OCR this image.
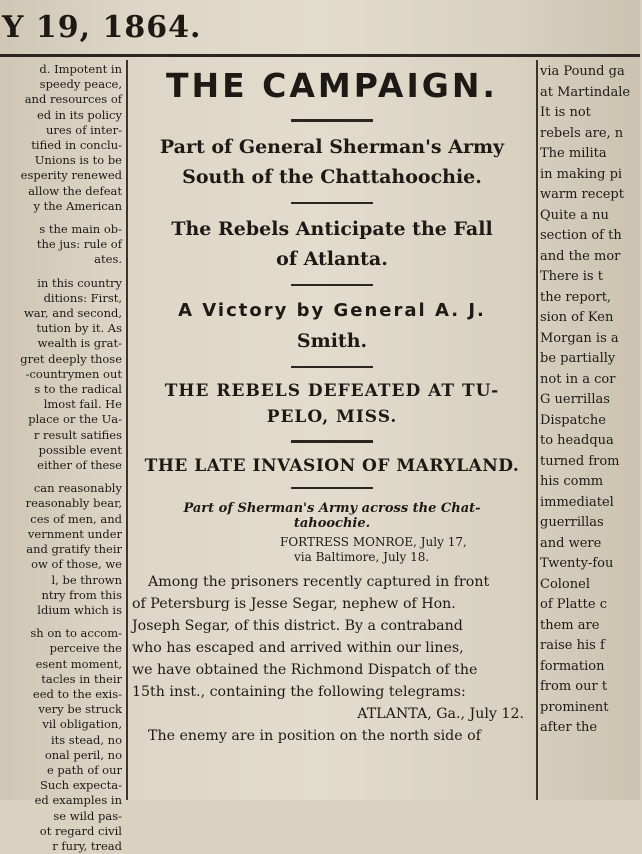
Y 19, 1864.
d. Impotent in
speedy peace,
and resources of
ed in its policy
ures of inter-
tified in conclu-
Unions is to be
esperity renewed
allow the defeat
y the American
s the main ob-
the jus: rule of
ates.
in this country
ditions: First,
war, and second,
tution by it. As
wealth is grat-
gret deeply those
-countrymen out
s to the radical
lmost fail. He
place or the Ua-
r result satifies
possible event
either of these
can reasonably
reasonably bear,
ces of men, and
vernment under
and gratify their
ow of those, we
l, be thrown
ntry from this
ldium which is
sh on to accom-
perceive the
esent moment,
tacles in their
eed to the exis-
very be struck
vil obligation,
its stead, no
onal peril, no
e path of our
Such expecta-
ed examples in
se wild pas-
ot regard civil
r fury, tread
THE CAMPAIGN.
Part of General Sherman's Army
South of the Chattahoochie.
The Rebels Anticipate the Fall
of Atlanta.
A Victory by General A. J.
Smith.
THE REBELS DEFEATED AT TU-
PELO, MISS.
THE LATE INVASION OF MARYLAND.
Part of Sherman's Army across the Chat-
tahoochie.
FORTRESS MONROE, July 17,
via Baltimore, July 18.
Among the prisoners recently captured in front
of Petersburg is Jesse Segar, nephew of Hon.
Joseph Segar, of this district. By a contraband
who has escaped and arrived within our lines,
we have obtained the Richmond Dispatch of the
15th inst., containing the following telegrams:
ATLANTA, Ga., July 12.
The enemy are in position on the north side of
via Pound ga
at Martindale
It is not
rebels are, n
The milita
in making pi
warm recept
Quite a nu
section of th
and the mor
There is t
the report,
sion of Ken
Morgan is a
be partially
not in a cor
G uerrillas
Dispatche
to headqua
turned from
his comm
immediatel
guerrillas
and were
Twenty-fou
Colonel
of Platte c
them are
raise his f
formation
from our t
prominent
after the
